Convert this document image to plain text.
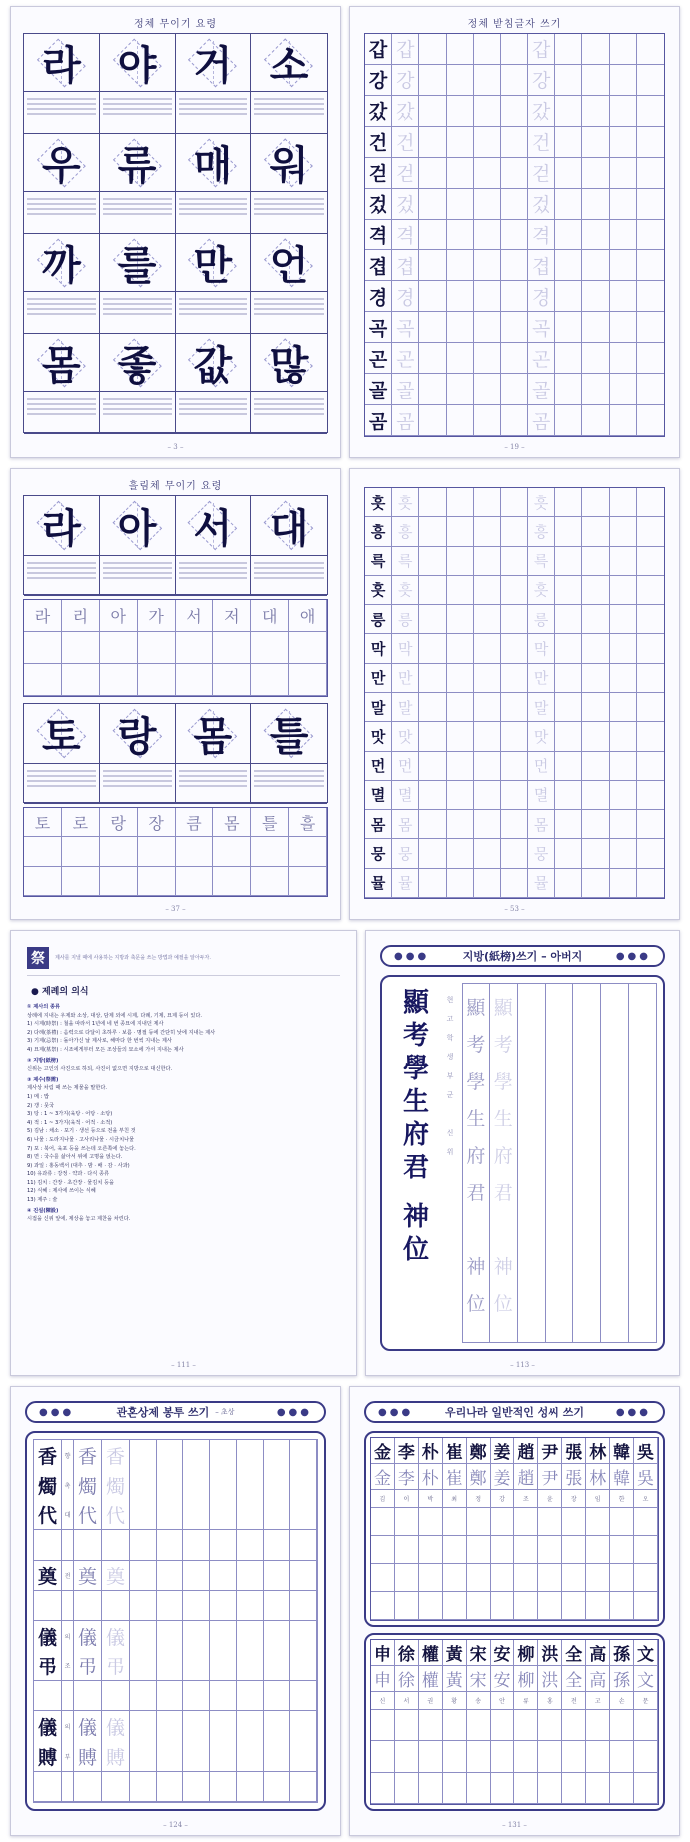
정체 무이기 요령
라 야 거 소
우 류 매 워
까 를 만 언
몸 좋 값 많
– 3 –
정체 받침글자 쓰기
갑 갑	갑
강 강	강
갔 갔	갔
건 건	건
걷 걷	걷
겄 겄	겄
격 격	격
겹 겹	겹
경 경	경
곡 곡	곡
곤 곤	곤
골 골	골
곰 곰	곰
– 19 –
흘림체 무이기 요령
라 아 서 대
라	리	아	가	서	저	대	애
토 랑 몸 틀
토	로	랑	장	큼	몸	틀	흘
– 37 –
흣 흣	흣
흥 흥	흥
륵 륵	륵
흣 흣	흣
릉 릉	릉
막 막	막
만 만	만
말 말	말
맛 맛	맛
먼 먼	먼
멸 멸	멸
몸 몸	몸
뭉 뭉	뭉
뮬 뮬	뮬
– 53 –
祭	제사를 지낼 때에 사용하는 지방과 축문을 쓰는 방법과 예절을 알아두자.
● 제례의 의식
① 제사의 종류
상례에 지내는 우제와 소상, 대상, 담제 외에 시제, 다례, 기제, 묘제 등이 있다.
1) 시제(時祭) : 철을 따라서 1년에 네 번 종묘에 지내던 제사
2) 다례(茶禮) : 음력으로 다달이 초하루 · 보름 · 명절 등에 간단히 낮에 지내는 제사
3) 기제(忌祭) : 돌아가신 날 제사로, 해마다 한 번씩 지내는 제사
4) 묘제(墓祭) : 시조에게부터 모든 조상들의 묘소에 가서 지내는 제사
② 지방(紙榜)
신위는 고인의 사진으로 하되, 사진이 없으면 지방으로 대신한다.
③ 제수(祭需)
제사상 차림 때 쓰는 제물을 말한다.
1) 메 : 밥
2) 갱 : 뭇국
3) 탕 : 1 ~ 3가지(육탕 · 어탕 · 소탕)
4) 적 : 1 ~ 3가지(육적 · 어적 · 소적)
5) 김남 : 채소 · 포기 · 생선 등으로 전을 부친 것
6) 나물 : 도라지나물 · 고사리나물 · 시금치나물
7) 포 : 북어, 육포 등을 쓰는데 오른쪽에 놓는다.
8) 면 : 국수를 삶아서 위에 고명을 얹는다.
9) 과일 : 홍동백서 (대추 · 밤 · 배 · 감 · 사과)
10) 유과류 : 강정 · 약과 · 다식 종류
11) 김치 : 간장 · 초간장 · 물김치 등을
12) 식혜 : 제사에 쓰이는 식혜
13) 제주 : 술
④ 진설(陳設)
시접을 신위 앞에, 제상을 놓고 제찬을 차린다.
– 111 –
●●●	지방(紙榜)쓰기 – 아버지	●●●
顯
考
學
生
府
君
神
位
현
고
학
생
부
군

신
위
顯
考
學
生
府
君

神
位
顯
考
學
生
府
君

神
位
– 113 –
●●●	관혼상제 봉투 쓰기 – 초상	●●●
香	향 香 香
燭	촉 燭 燭
代	대 代 代
奠	전 奠 奠
儀	의 儀 儀
弔	조 弔 弔
儀	의 儀 儀
賻	부 賻 賻
– 124 –
●●●	우리나라 일반적인 성씨 쓰기	●●●
金 李 朴 崔 鄭 姜 趙 尹 張 林 韓 吳
金 李 朴 崔 鄭 姜 趙 尹 張 林 韓 吳
김	이	박	최	정	강	조	윤	장	임	한	오
申 徐 權 黃 宋 安 柳 洪 全 高 孫 文
申 徐 權 黃 宋 安 柳 洪 全 高 孫 文
신	서	권	황	송	안	류	홍	전	고	손	문
– 131 –
